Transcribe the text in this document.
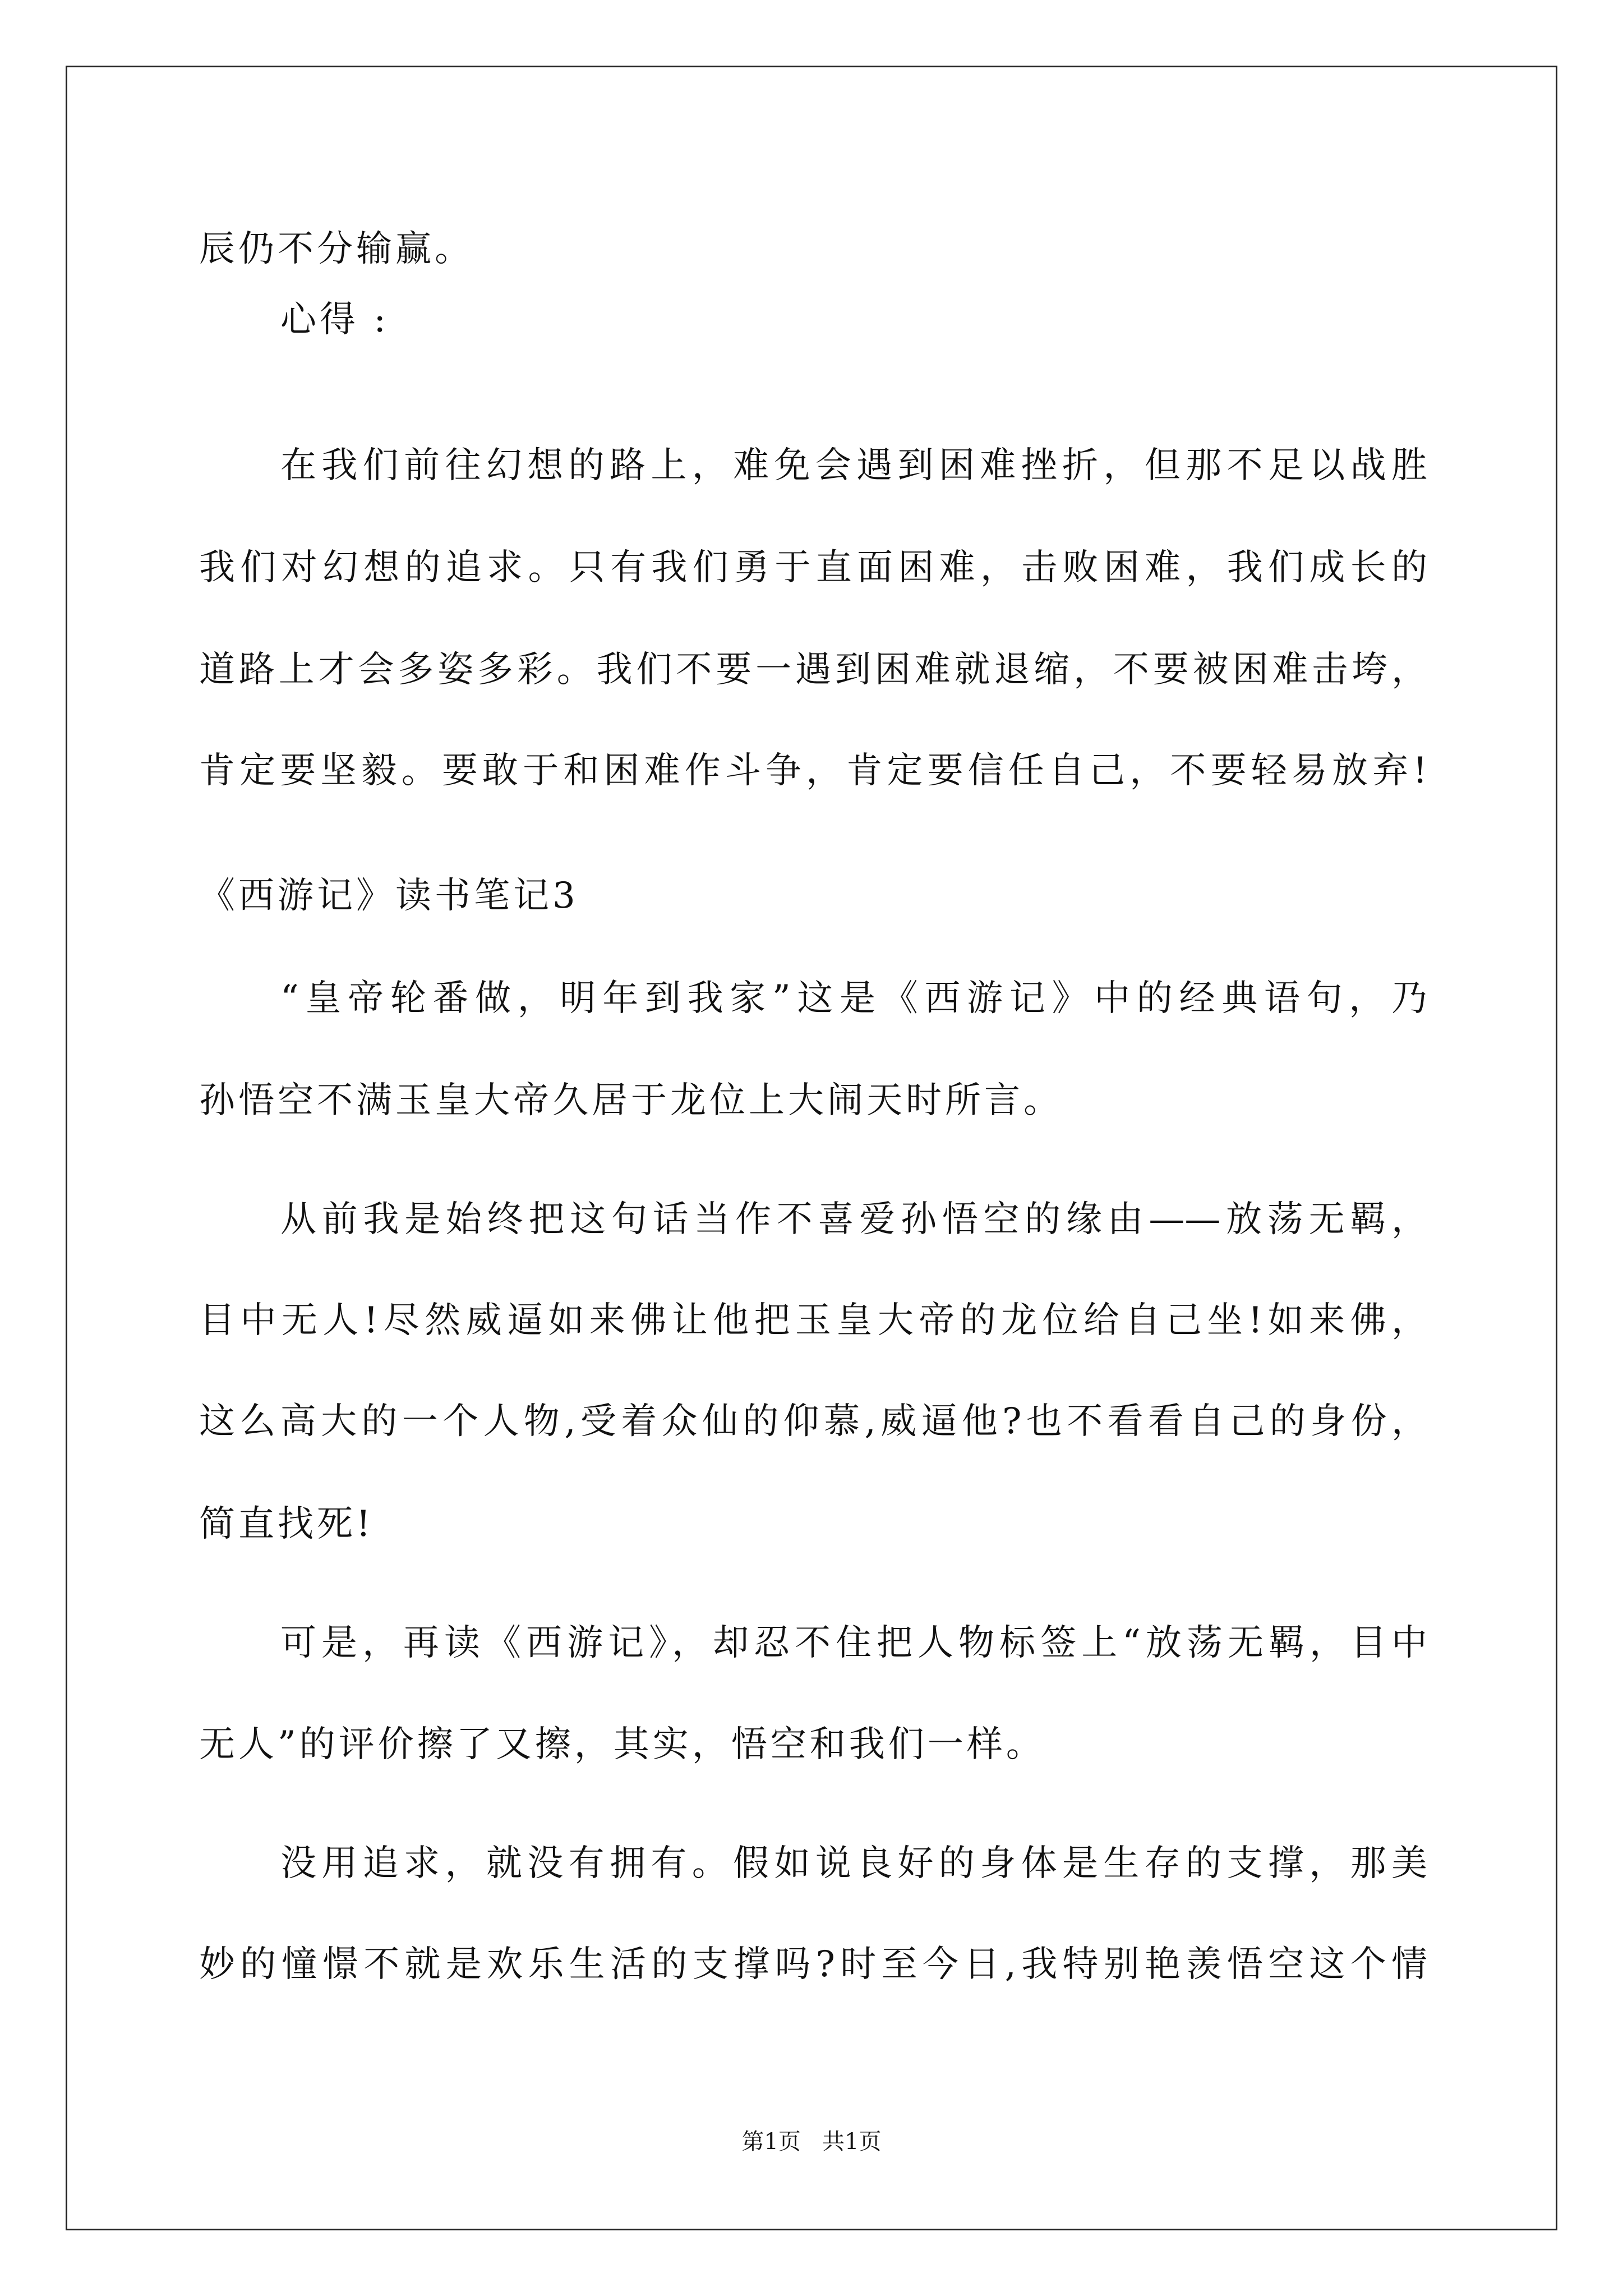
辰仍不分输赢。
心得 :
在我们前往幻想的路上，难免会遇到困难挫折，但那不足以战胜
我们对幻想的追求。只有我们勇于直面困难，击败困难，我们成长的
道路上才会多姿多彩。我们不要一遇到困难就退缩，不要被困难击垮，
肯定要坚毅。要敢于和困难作斗争，肯定要信任自己，不要轻易放弃!
《西游记》读书笔记3
“皇帝轮番做，明年到我家”这是《西游记》中的经典语句，乃
孙悟空不满玉皇大帝久居于龙位上大闹天时所言。
从前我是始终把这句话当作不喜爱孙悟空的缘由——放荡无羁，
目中无人!尽然威逼如来佛让他把玉皇大帝的龙位给自己坐!如来佛，
这么高大的一个人物,受着众仙的仰慕,威逼他?也不看看自己的身份，
简直找死!
可是，再读《西游记》，却忍不住把人物标签上“放荡无羁，目中
无人”的评价擦了又擦，其实，悟空和我们一样。
没用追求，就没有拥有。假如说良好的身体是生存的支撑，那美
妙的憧憬不就是欢乐生活的支撑吗?时至今日,我特别艳羡悟空这个情
第1页   共1页
